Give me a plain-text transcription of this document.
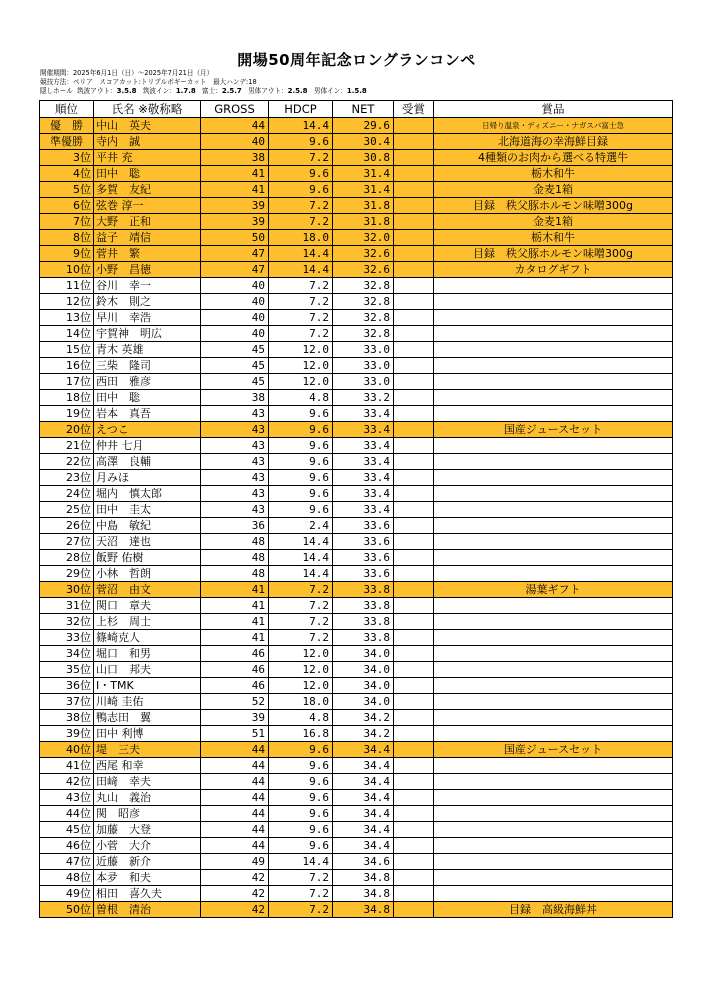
開場50周年記念ロングランコンペ
開催期間：2025年6月1日（日）～2025年7月21日（月）
競技方法：ペリア　スコアカット:トリプルボギーカット　最大ハンデ:18
隠しホール 筑波アウト：3.5.8 筑波イン：1.7.8 富士：2.5.7 男体アウト：2.5.8 男体イン：1.5.8
順位	氏名 ※敬称略	GROSS	HDCP	NET	受賞	賞品
優　勝	中山　英夫	44	14.4	29.6		日帰り温泉・ディズニー・ナガスパ富士急
準優勝	寺内　誠	40	9.6	30.4		北海道海の幸海鮮目録
3位	平井 充	38	7.2	30.8		4種類のお肉から選べる特選牛
4位	田中　聡	41	9.6	31.4		栃木和牛
5位	多賀　友紀	41	9.6	31.4		金麦1箱
6位	弦巻 淳一	39	7.2	31.8		目録　秩父豚ホルモン味噌300g
7位	大野　正和	39	7.2	31.8		金麦1箱
8位	益子　靖信	50	18.0	32.0		栃木和牛
9位	菅井　繁	47	14.4	32.6		目録　秩父豚ホルモン味噌300g
10位	小野　昌徳	47	14.4	32.6		カタログギフト
11位	谷川　幸一	40	7.2	32.8		
12位	鈴木　則之	40	7.2	32.8		
13位	早川　幸浩	40	7.2	32.8		
14位	宇賀神　明広	40	7.2	32.8		
15位	青木 英雄	45	12.0	33.0		
16位	三柴　隆司	45	12.0	33.0		
17位	西田　雅彦	45	12.0	33.0		
18位	田中　聡	38	4.8	33.2		
19位	岩本　真吾	43	9.6	33.4		
20位	えつこ	43	9.6	33.4		国産ジュースセット
21位	仲井 七月	43	9.6	33.4		
22位	高澤　良輔	43	9.6	33.4		
23位	月みほ	43	9.6	33.4		
24位	堀内　慎太郎	43	9.6	33.4		
25位	田中　圭太	43	9.6	33.4		
26位	中島　敏紀	36	2.4	33.6		
27位	天沼　達也	48	14.4	33.6		
28位	飯野 佑樹	48	14.4	33.6		
29位	小林　哲朗	48	14.4	33.6		
30位	菅沼　由文	41	7.2	33.8		湯葉ギフト
31位	関口　章夫	41	7.2	33.8		
32位	上杉　周士	41	7.2	33.8		
33位	篠崎克人	41	7.2	33.8		
34位	堀口　和男	46	12.0	34.0		
35位	山口　邦夫	46	12.0	34.0		
36位	I・TMK	46	12.0	34.0		
37位	川崎 圭佑	52	18.0	34.0		
38位	鴨志田　翼	39	4.8	34.2		
39位	田中 利博	51	16.8	34.2		
40位	堤　三夫	44	9.6	34.4		国産ジュースセット
41位	西尾 和幸	44	9.6	34.4		
42位	田﨑　幸夫	44	9.6	34.4		
43位	丸山　義治	44	9.6	34.4		
44位	関　昭彦	44	9.6	34.4		
45位	加藤　大登	44	9.6	34.4		
46位	小菅　大介	44	9.6	34.4		
47位	近藤　新介	49	14.4	34.6		
48位	本夛　和夫	42	7.2	34.8		
49位	相田　喜久夫	42	7.2	34.8		
50位	曽根　清治	42	7.2	34.8		目録　高級海鮮丼
